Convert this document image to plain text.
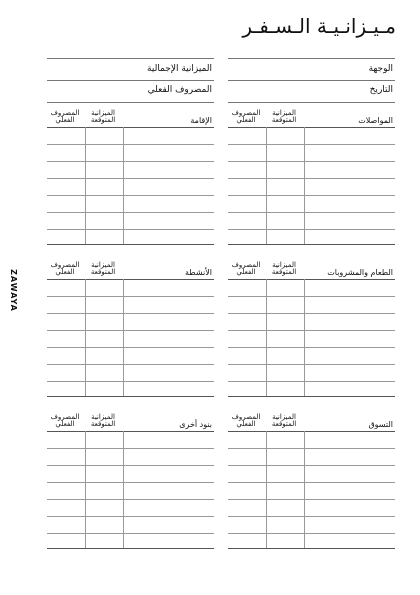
مـيـزانـيـة الـسـفـر
الوجهة
التاريخ
الميزانية الإجمالية
المصروف الفعلي
ZAWAYA
المواصلات
الميزانية المتوقعة
المصروف الفعلي
الإقامة
الميزانية المتوقعة
المصروف الفعلي
الطعام والمشروبات
الميزانية المتوقعة
المصروف الفعلي
الأنشطة
الميزانية المتوقعة
المصروف الفعلي
التسوق
الميزانية المتوقعة
المصروف الفعلي
بنود أخرى
الميزانية المتوقعة
المصروف الفعلي
